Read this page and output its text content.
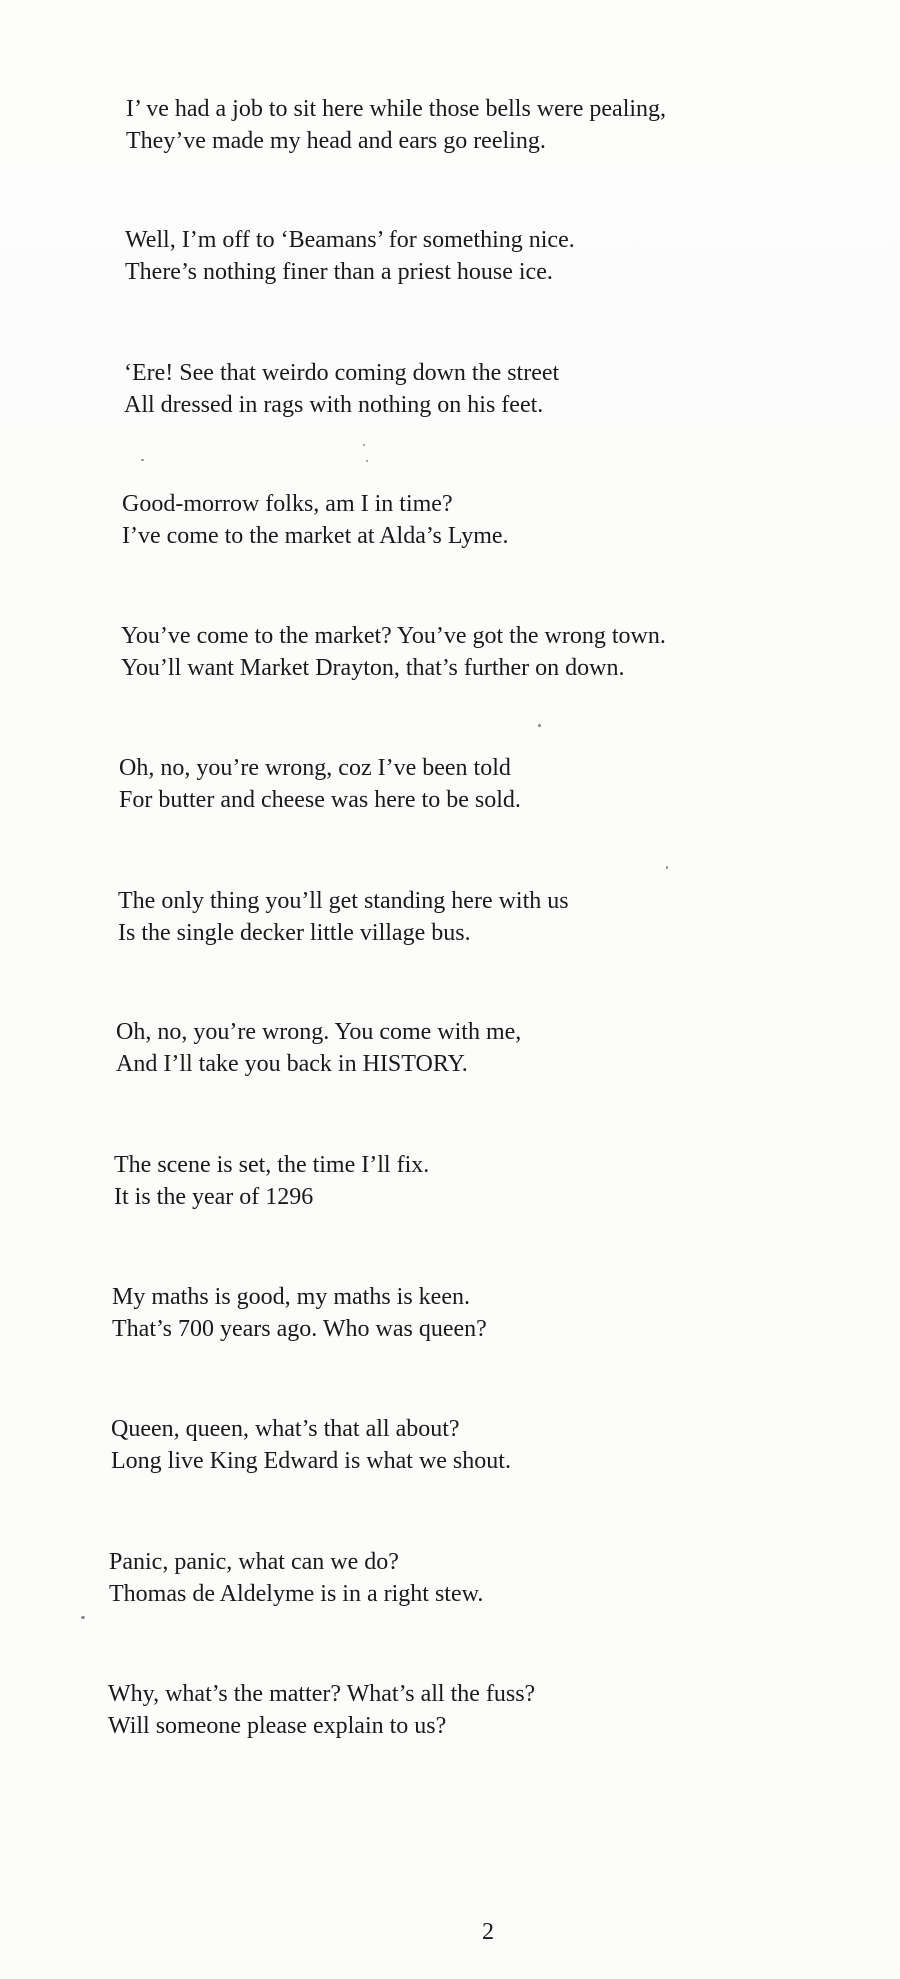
I’ ve had a job to sit here while those bells were pealing,
They’ve made my head and ears go reeling.
Well, I’m off to ‘Beamans’ for something nice.
There’s nothing finer than a priest house ice.
‘Ere! See that weirdo coming down the street
All dressed in rags with nothing on his feet.
Good-morrow folks, am I in time?
I’ve come to the market at Alda’s Lyme.
You’ve come to the market? You’ve got the wrong town.
You’ll want Market Drayton, that’s further on down.
Oh, no, you’re wrong, coz I’ve been told
For butter and cheese was here to be sold.
The only thing you’ll get standing here with us
Is the single decker little village bus.
Oh, no, you’re wrong. You come with me,
And I’ll take you back in HISTORY.
The scene is set, the time I’ll fix.
It is the year of 1296
My maths is good, my maths is keen.
That’s 700 years ago. Who was queen?
Queen, queen, what’s that all about?
Long live King Edward is what we shout.
Panic, panic, what can we do?
Thomas de Aldelyme is in a right stew.
Why, what’s the matter? What’s all the fuss?
Will someone please explain to us?
2
